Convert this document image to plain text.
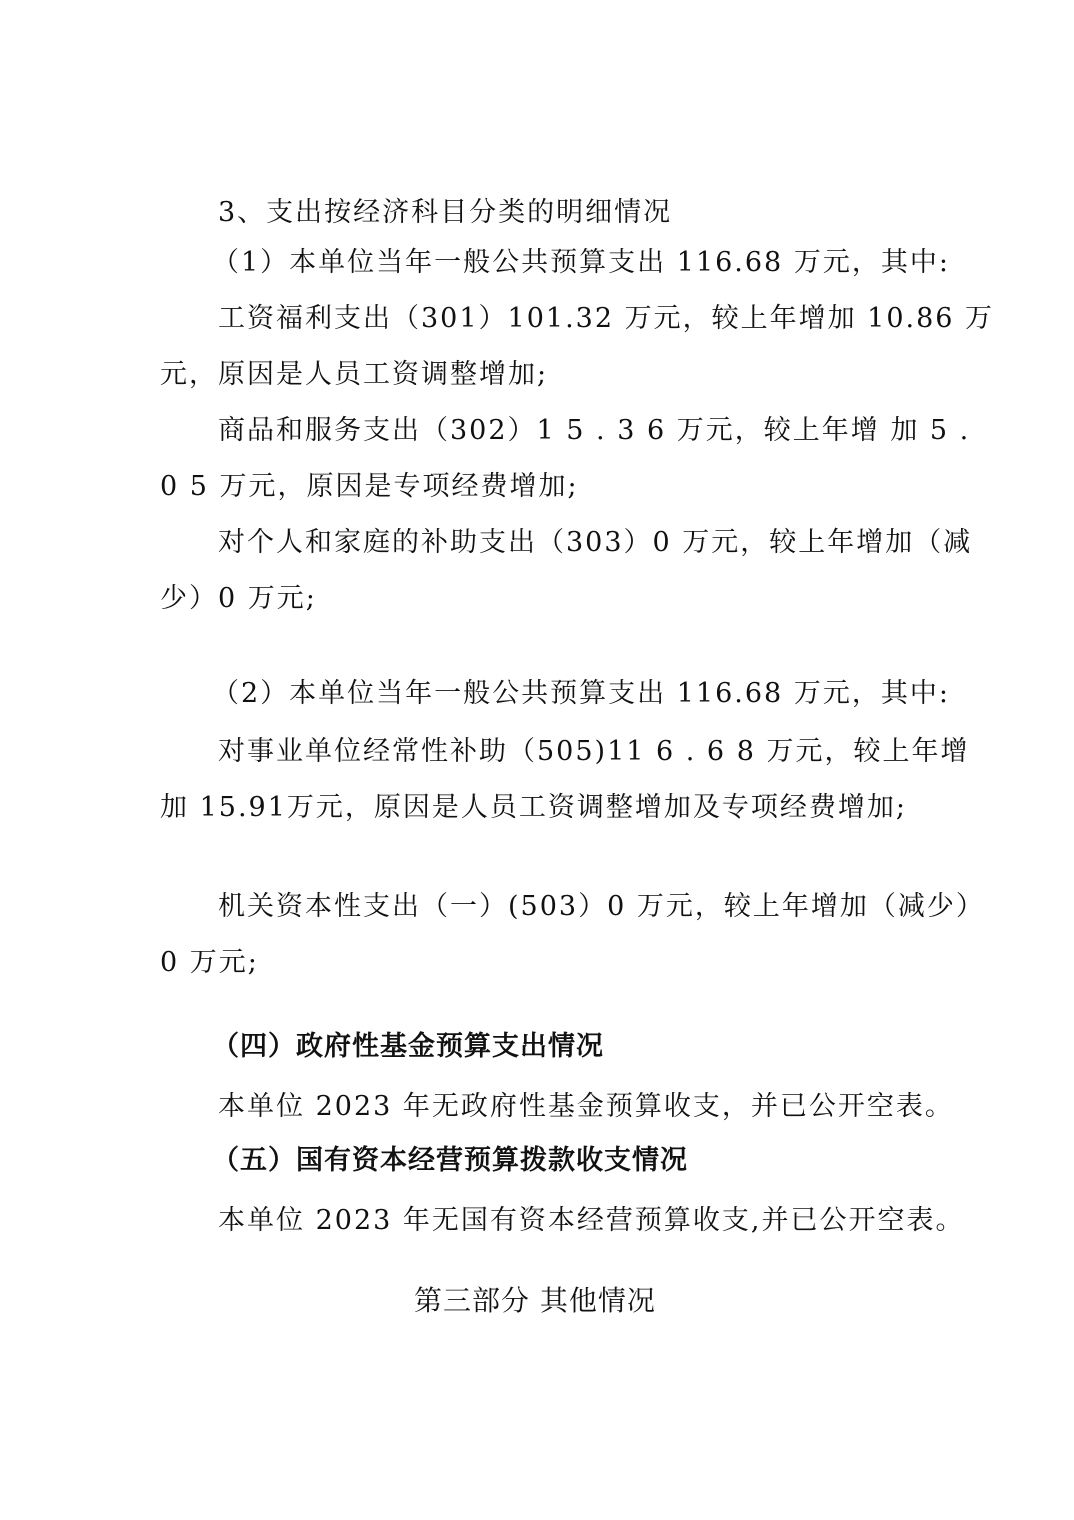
3、支出按经济科目分类的明细情况
（1）本单位当年一般公共预算支出 116.68 万元，其中:
工资福利支出（301）101.32 万元，较上年增加 10.86 万
元，原因是人员工资调整增加;
商品和服务支出（302）1 5 . 3 6 万元，较上年增 加 5 .
0 5 万元，原因是专项经费增加;
对个人和家庭的补助支出（303）0 万元，较上年增加（减
少）0 万元;
（2）本单位当年一般公共预算支出 116.68 万元，其中:
对事业单位经常性补助（505)11 6 . 6 8 万元，较上年增
加 15.91万元，原因是人员工资调整增加及专项经费增加;
机关资本性支出（一）(503）0 万元，较上年增加（减少）
0 万元;
（四）政府性基金预算支出情况
本单位 2023 年无政府性基金预算收支，并已公开空表。
（五）国有资本经营预算拨款收支情况
本单位 2023 年无国有资本经营预算收支,并已公开空表。
第三部分 其他情况
